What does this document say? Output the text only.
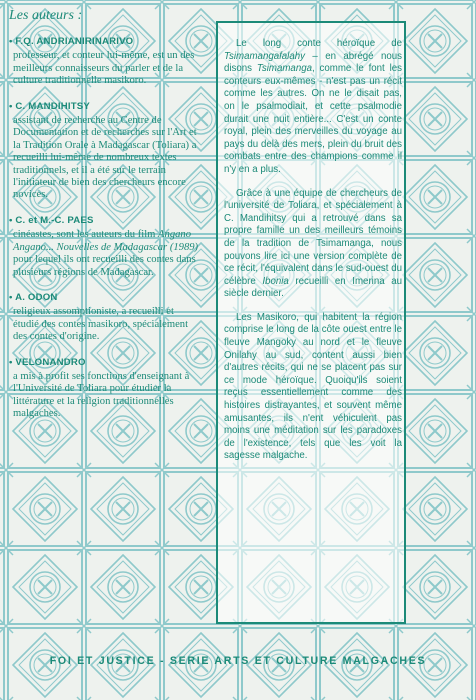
Les auteurs :
• F.Q. ANDRIANIRINARIVO
professeur, et conteur lui-même, est un des meilleurs connaisseurs du parler et de la culture traditionnelle masikoro.
• C. MANDIHITSY
assistant de recherche au Centre de Documentation et de recherches sur l'Art et la Tradition Orale à Madagascar (Toliara) a recueilli lui-même de nombreux textes traditionnels, et il a été sur le terrain l'initiateur de bien des chercheurs encore novices.
• C. et M.-C. PAES
cinéastes, sont les auteurs du film Angano Angano... Nouvelles de Madagascar (1989) pour lequel ils ont recueilli des contes dans plusieurs régions de Madagascar.
• A. ODON
religieux assomptioniste, a recueilli et étudié des contes masikoro, spécialement des contes d'origine.
• VELONANDRO
a mis à profit ses fonctions d'enseignant à l'Université de Toliara pour étudier la littérature et la religion traditionnelles malgaches.

Le long conte héroïque de Tsimamangafalahy – en abrégé nous disons Tsimamanga, comme le font les conteurs eux-mêmes - n'est pas un récit comme les autres. On ne le disait pas, on le psalmodiait, et cette psalmodie durait une nuit entière... C'est un conte royal, plein des merveilles du voyage au pays du delà des mers, plein du bruit des combats entre des champions comme il n'y en a plus.

Grâce à une équipe de chercheurs de l'université de Toliara, et spécialement à C. Mandihitsy qui a retrouvé dans sa propre famille un des meilleurs témoins de la tradition de Tsimamanga, nous pouvons lire ici une version complète de ce récit, l'équivalent dans le sud-ouest du célèbre Ibonia recueilli en Imerina au siècle dernier.

Les Masikoro, qui habitent la région comprise le long de la côte ouest entre le fleuve Mangoky au nord et le fleuve Onilahy au sud, content aussi bien d'autres récits, qui ne se placent pas sur ce mode héroïque. Quoiqu'ils soient reçus essentiellement comme des histoires distrayantes, et souvent même amusantes, ils n'ent véhiculent pas moins une méditation sur les paradoxes de l'existence, tels que les voit la sagesse malgache.

FOI ET JUSTICE - SERIE ARTS ET CULTURE MALGACHES
